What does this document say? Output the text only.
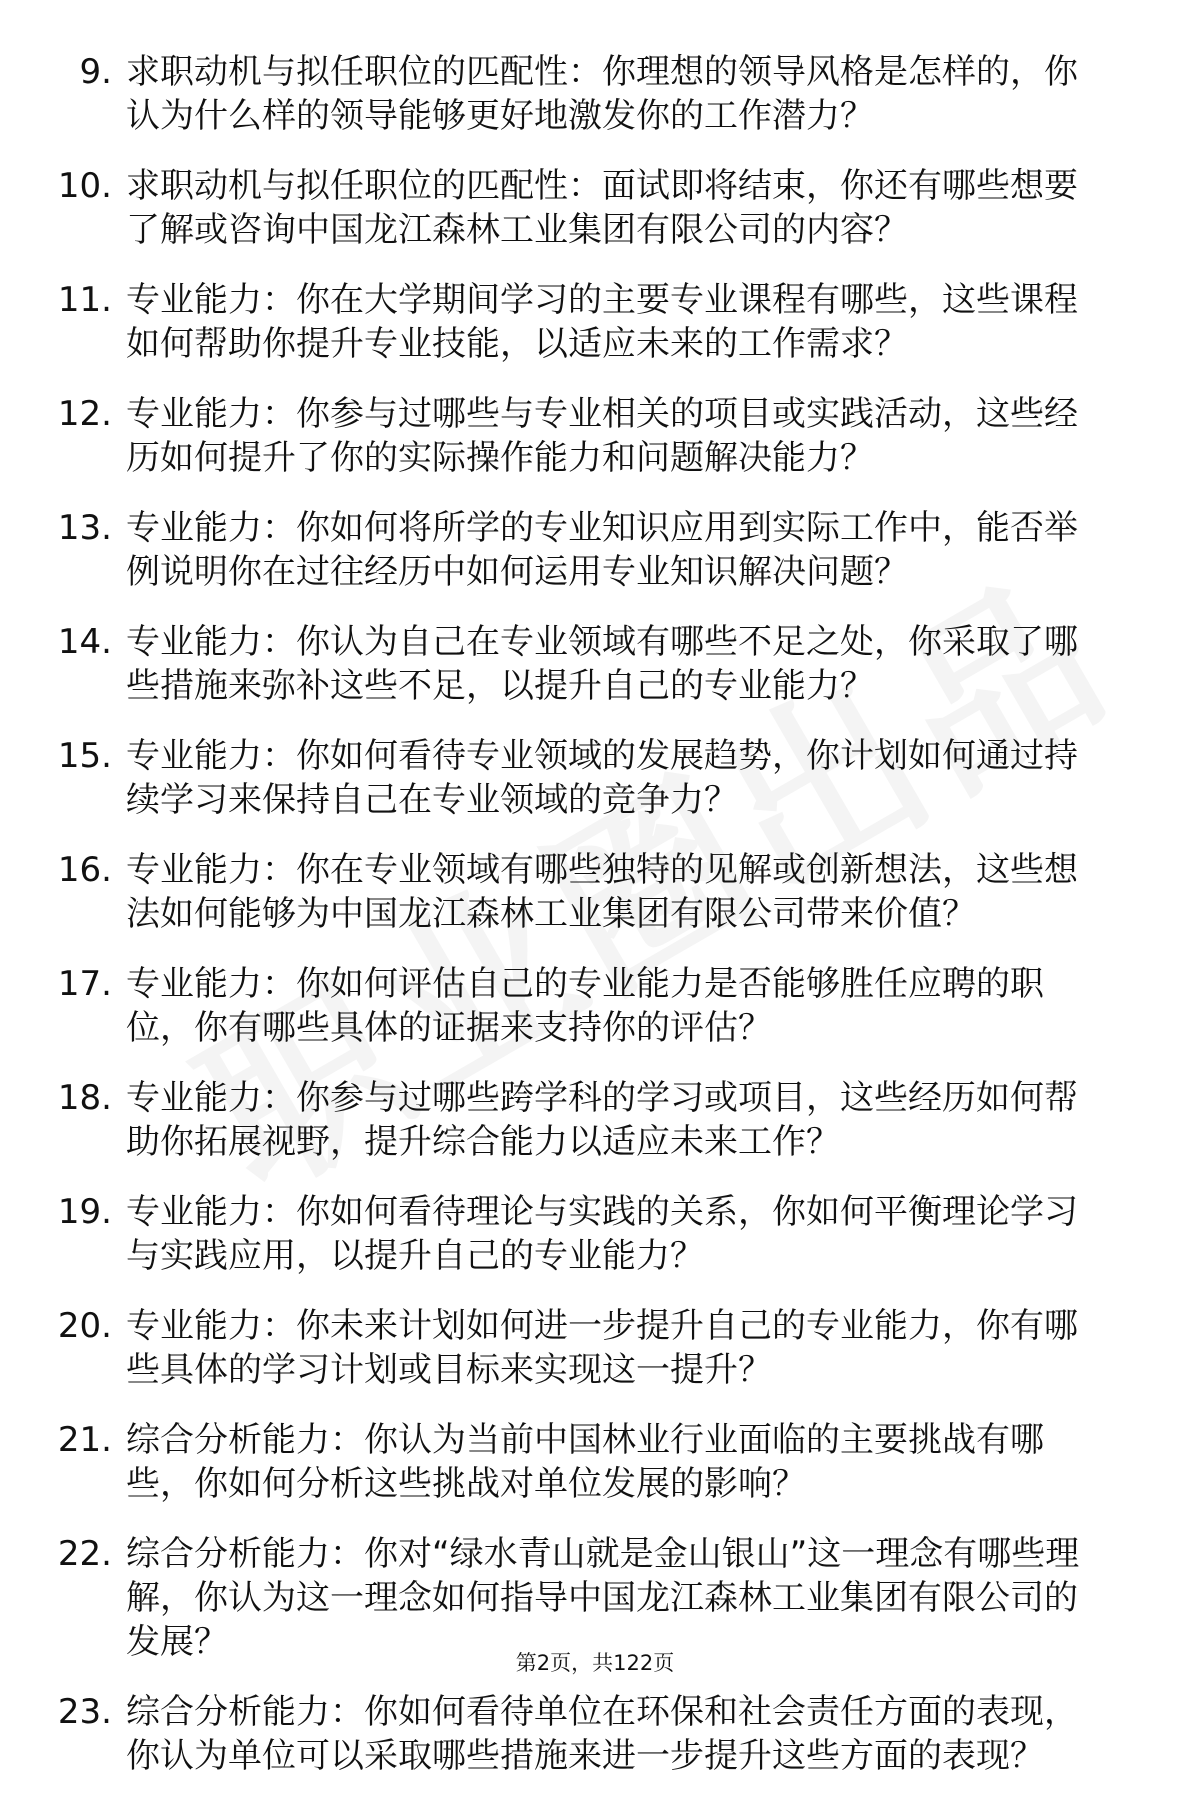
9. 求职动机与拟任职位的匹配性：你理想的领导风格是怎样的，你认为什么样的领导能够更好地激发你的工作潜力？
10. 求职动机与拟任职位的匹配性：面试即将结束，你还有哪些想要了解或咨询中国龙江森林工业集团有限公司的内容？
11. 专业能力：你在大学期间学习的主要专业课程有哪些，这些课程如何帮助你提升专业技能，以适应未来的工作需求？
12. 专业能力：你参与过哪些与专业相关的项目或实践活动，这些经历如何提升了你的实际操作能力和问题解决能力？
13. 专业能力：你如何将所学的专业知识应用到实际工作中，能否举例说明你在过往经历中如何运用专业知识解决问题？
14. 专业能力：你认为自己在专业领域有哪些不足之处，你采取了哪些措施来弥补这些不足，以提升自己的专业能力？
15. 专业能力：你如何看待专业领域的发展趋势，你计划如何通过持续学习来保持自己在专业领域的竞争力？
16. 专业能力：你在专业领域有哪些独特的见解或创新想法，这些想法如何能够为中国龙江森林工业集团有限公司带来价值？
17. 专业能力：你如何评估自己的专业能力是否能够胜任应聘的职位，你有哪些具体的证据来支持你的评估？
18. 专业能力：你参与过哪些跨学科的学习或项目，这些经历如何帮助你拓展视野，提升综合能力以适应未来工作？
19. 专业能力：你如何看待理论与实践的关系，你如何平衡理论学习与实践应用，以提升自己的专业能力？
20. 专业能力：你未来计划如何进一步提升自己的专业能力，你有哪些具体的学习计划或目标来实现这一提升？
21. 综合分析能力：你认为当前中国林业行业面临的主要挑战有哪些，你如何分析这些挑战对单位发展的影响？
22. 综合分析能力：你对“绿水青山就是金山银山”这一理念有哪些理解，你认为这一理念如何指导中国龙江森林工业集团有限公司的发展？
23. 综合分析能力：你如何看待单位在环保和社会责任方面的表现，你认为单位可以采取哪些措施来进一步提升这些方面的表现？
第2页，共122页
